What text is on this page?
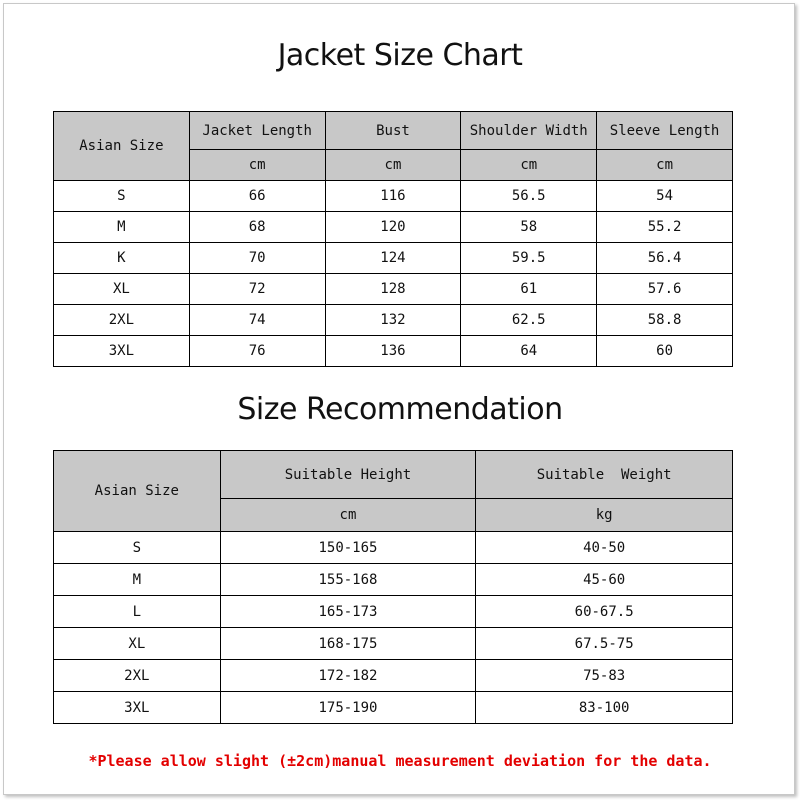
Jacket Size Chart
Asian Size	Jacket Length	Bust	Shoulder Width	Sleeve Length
	cm	cm	cm	cm
S	66	116	56.5	54
M	68	120	58	55.2
K	70	124	59.5	56.4
XL	72	128	61	57.6
2XL	74	132	62.5	58.8
3XL	76	136	64	60
Size Recommendation
Asian Size	Suitable Height	Suitable  Weight
	cm	kg
S	150-165	40-50
M	155-168	45-60
L	165-173	60-67.5
XL	168-175	67.5-75
2XL	172-182	75-83
3XL	175-190	83-100
*Please allow slight (±2cm)manual measurement deviation for the data.
